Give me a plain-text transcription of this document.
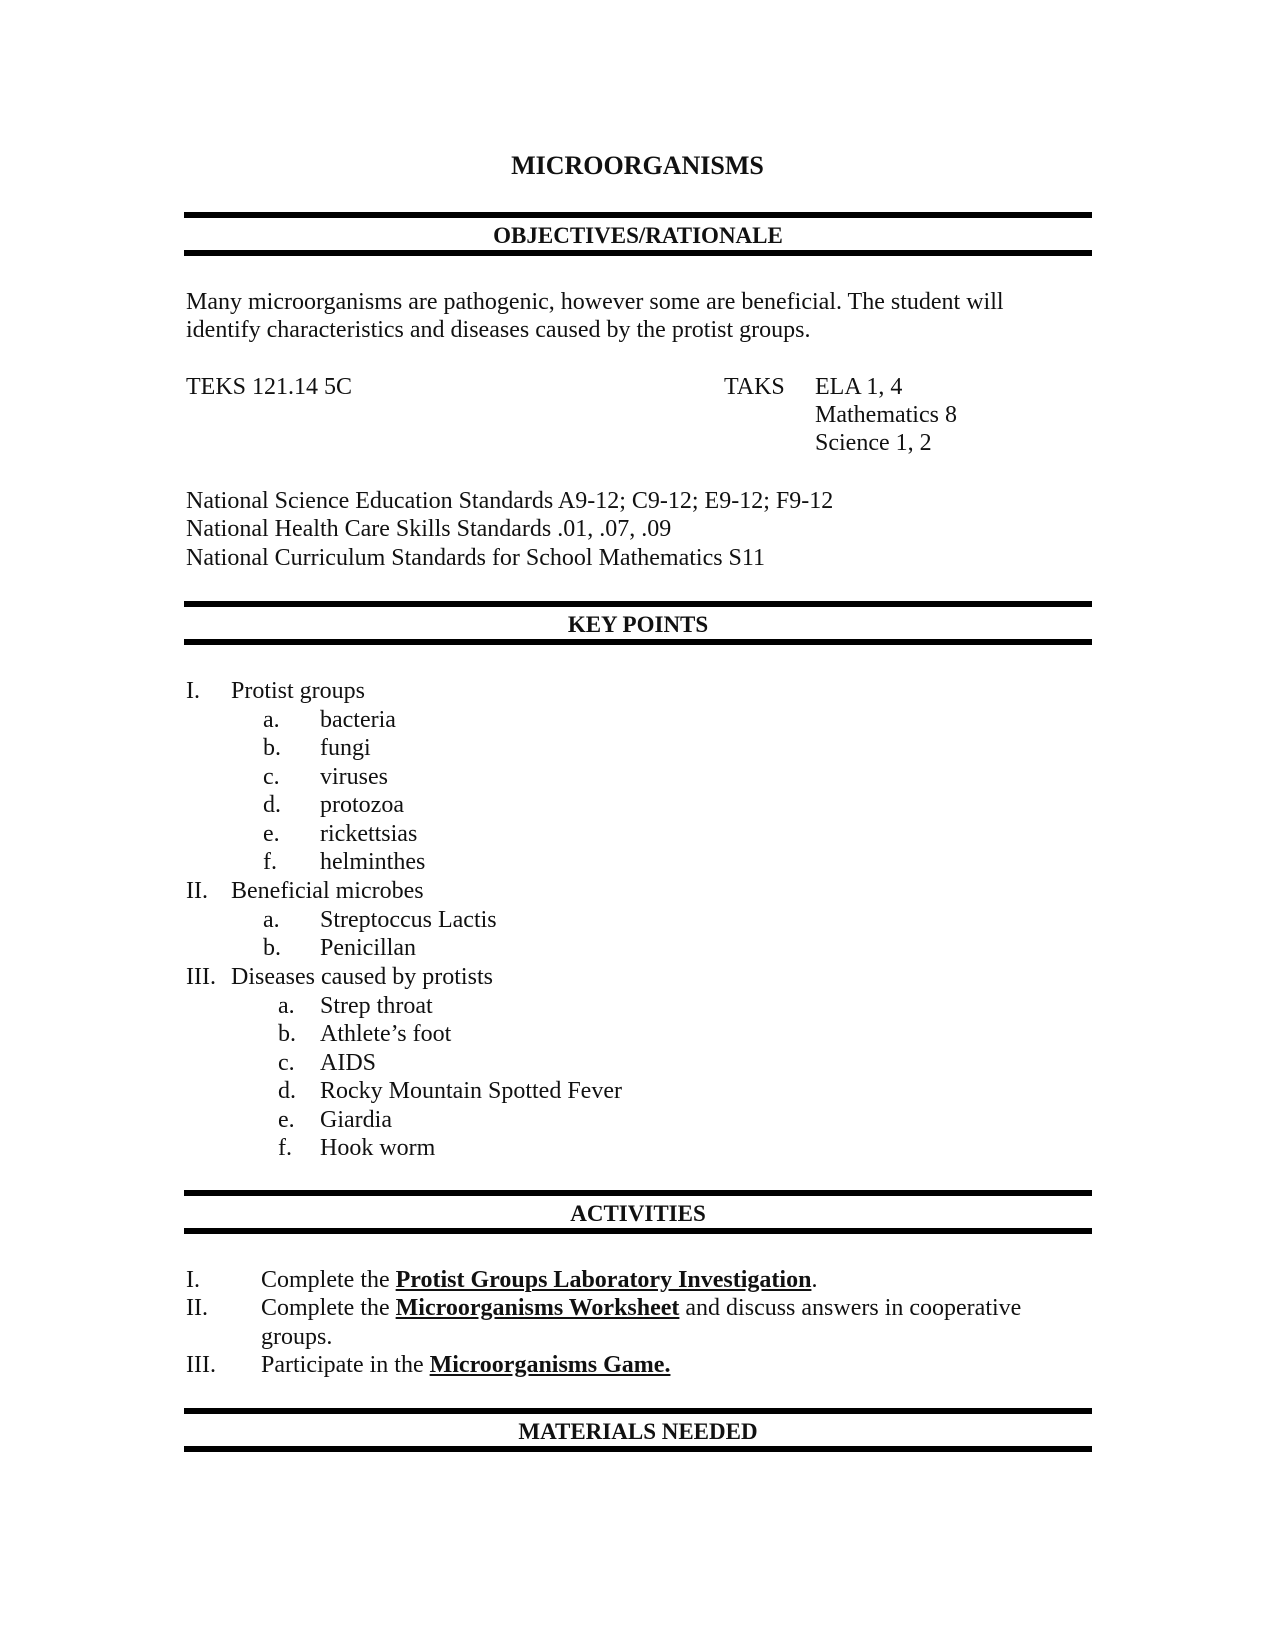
MICROORGANISMS
OBJECTIVES/RATIONALE
Many microorganisms are pathogenic, however some are beneficial. The student will
identify characteristics and diseases caused by the protist groups.
TEKS 121.14 5C	TAKS ELA 1, 4
Mathematics 8
Science 1, 2
National Science Education Standards A9-12; C9-12; E9-12; F9-12
National Health Care Skills Standards .01, .07, .09
National Curriculum Standards for School Mathematics S11
KEY POINTS
I. Protist groups
a. bacteria
b. fungi
c. viruses
d. protozoa
e. rickettsias
f. helminthes
II. Beneficial microbes
a. Streptoccus Lactis
b. Penicillan
III. Diseases caused by protists
a. Strep throat
b. Athlete’s foot
c. AIDS
d. Rocky Mountain Spotted Fever
e. Giardia
f. Hook worm
ACTIVITIES
I.	Complete the Protist Groups Laboratory Investigation.
II. Complete the Microorganisms Worksheet and discuss answers in cooperative
groups.
III. Participate in the Microorganisms Game.
MATERIALS NEEDED
